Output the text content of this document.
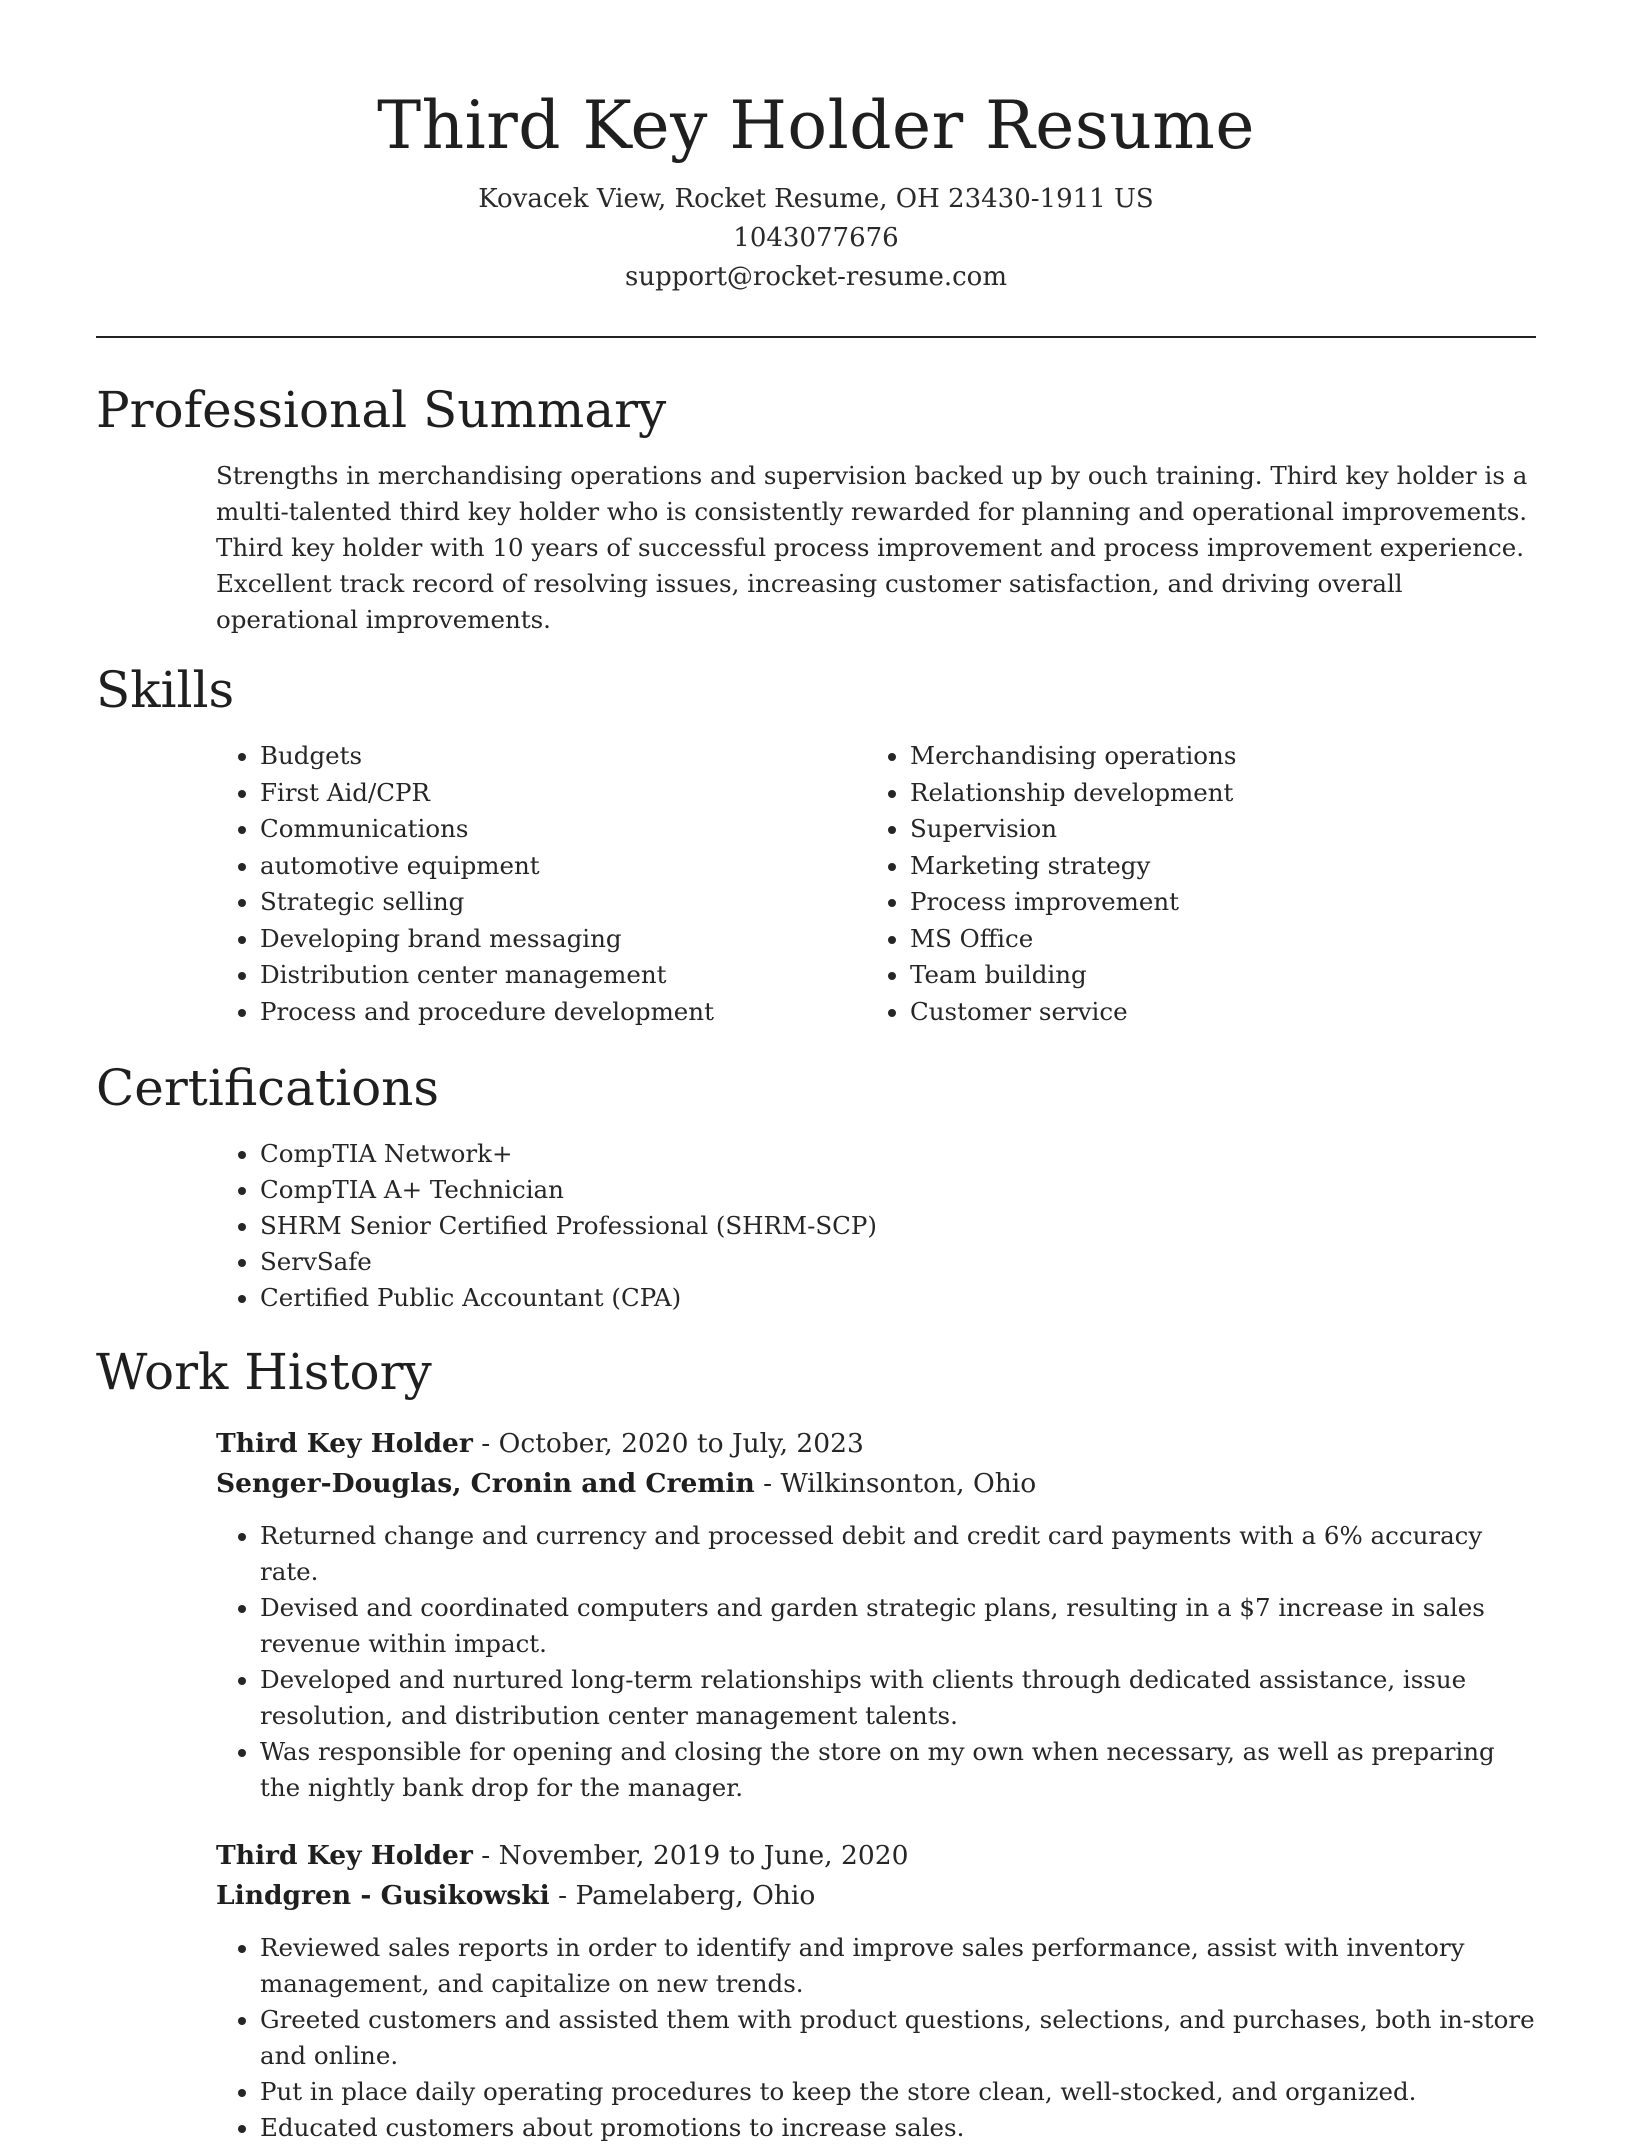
Third Key Holder Resume
Kovacek View, Rocket Resume, OH 23430-1911 US
1043077676
support@rocket-resume.com
Professional Summary

Strengths in merchandising operations and supervision backed up by ouch training. Third key holder is a multi-talented third key holder who is consistently rewarded for planning and operational improvements. Third key holder with 10 years of successful process improvement and process improvement experience. Excellent track record of resolving issues, increasing customer satisfaction, and driving overall operational improvements.

Skills
• Budgets
• First Aid/CPR
• Communications
• automotive equipment
• Strategic selling
• Developing brand messaging
• Distribution center management
• Process and procedure development
• Merchandising operations
• Relationship development
• Supervision
• Marketing strategy
• Process improvement
• MS Office
• Team building
• Customer service
Certifications
• CompTIA Network+
• CompTIA A+ Technician
• SHRM Senior Certified Professional (SHRM-SCP)
• ServSafe
• Certified Public Accountant (CPA)
Work History
Third Key Holder - October, 2020 to July, 2023
Senger-Douglas, Cronin and Cremin - Wilkinsonton, Ohio
• Returned change and currency and processed debit and credit card payments with a 6% accuracy rate.
• Devised and coordinated computers and garden strategic plans, resulting in a $7 increase in sales revenue within impact.
• Developed and nurtured long-term relationships with clients through dedicated assistance, issue resolution, and distribution center management talents.
• Was responsible for opening and closing the store on my own when necessary, as well as preparing the nightly bank drop for the manager.
Third Key Holder - November, 2019 to June, 2020
Lindgren - Gusikowski - Pamelaberg, Ohio
• Reviewed sales reports in order to identify and improve sales performance, assist with inventory management, and capitalize on new trends.
• Greeted customers and assisted them with product questions, selections, and purchases, both in-store and online.
• Put in place daily operating procedures to keep the store clean, well-stocked, and organized.
• Educated customers about promotions to increase sales.
